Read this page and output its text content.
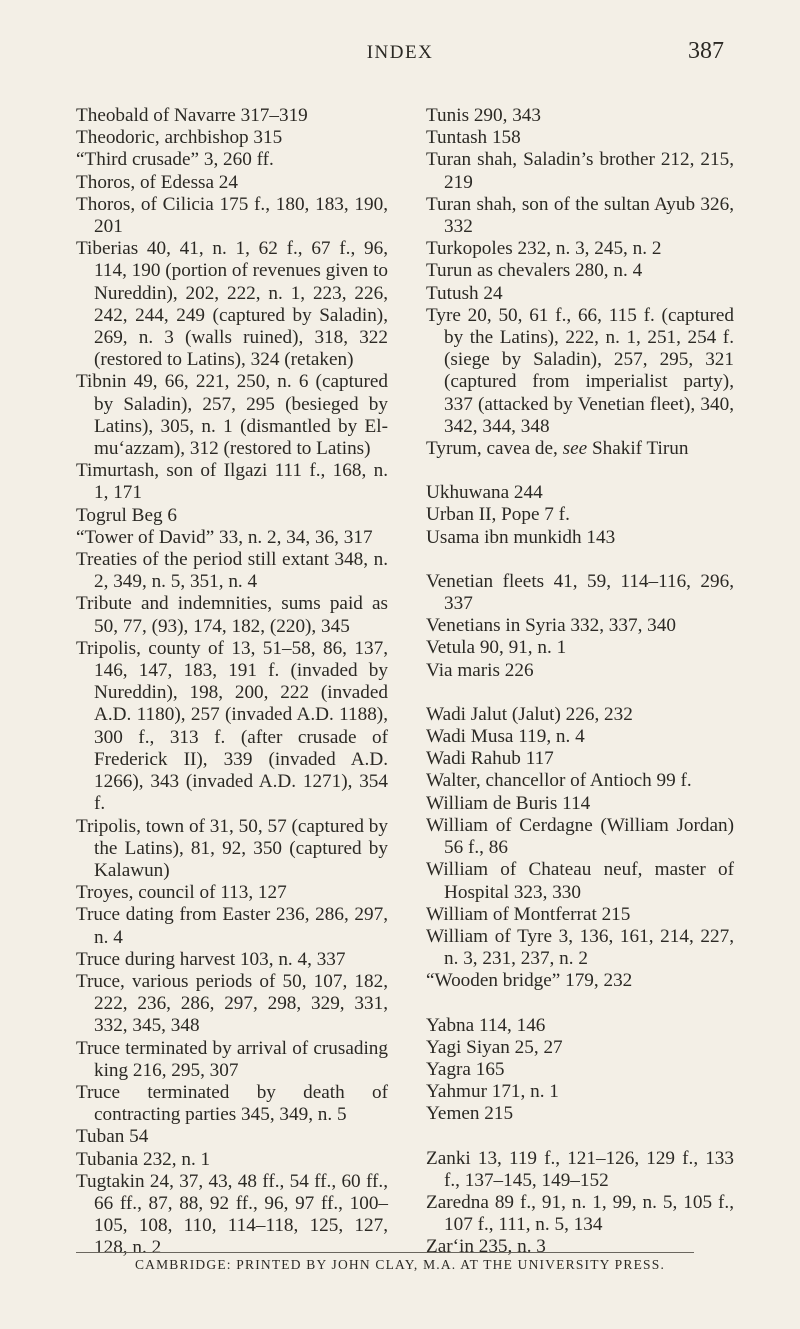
INDEX	387

Theobald of Navarre 317–319

Theodoric, archbishop 315

“Third crusade” 3, 260 ff.

Thoros, of Edessa 24

Thoros, of Cilicia 175 f., 180, 183, 190, 201

Tiberias 40, 41, n. 1, 62 f., 67 f., 96, 114, 190 (portion of revenues given to Nureddin), 202, 222, n. 1, 223, 226, 242, 244, 249 (captured by Saladin), 269, n. 3 (walls ruined), 318, 322 (restored to Latins), 324 (retaken)

Tibnin 49, 66, 221, 250, n. 6 (captured by Saladin), 257, 295 (besieged by Latins), 305, n. 1 (dismantled by El-mu‘azzam), 312 (restored to Latins)

Timurtash, son of Ilgazi 111 f., 168, n. 1, 171

Togrul Beg 6

“Tower of David” 33, n. 2, 34, 36, 317

Treaties of the period still extant 348, n. 2, 349, n. 5, 351, n. 4

Tribute and indemnities, sums paid as 50, 77, (93), 174, 182, (220), 345

Tripolis, county of 13, 51–58, 86, 137, 146, 147, 183, 191 f. (invaded by Nureddin), 198, 200, 222 (invaded A.D. 1180), 257 (invaded A.D. 1188), 300 f., 313 f. (after crusade of Frederick II), 339 (invaded A.D. 1266), 343 (invaded A.D. 1271), 354 f.

Tripolis, town of 31, 50, 57 (captured by the Latins), 81, 92, 350 (captured by Kalawun)

Troyes, council of 113, 127

Truce dating from Easter 236, 286, 297, n. 4

Truce during harvest 103, n. 4, 337

Truce, various periods of 50, 107, 182, 222, 236, 286, 297, 298, 329, 331, 332, 345, 348

Truce terminated by arrival of crusading king 216, 295, 307

Truce terminated by death of contracting parties 345, 349, n. 5

Tuban 54

Tubania 232, n. 1

Tugtakin 24, 37, 43, 48 ff., 54 ff., 60 ff., 66 ff., 87, 88, 92 ff., 96, 97 ff., 100–105, 108, 110, 114–118, 125, 127, 128, n. 2

Tunis 290, 343

Tuntash 158

Turan shah, Saladin’s brother 212, 215, 219

Turan shah, son of the sultan Ayub 326, 332

Turkopoles 232, n. 3, 245, n. 2

Turun as chevalers 280, n. 4

Tutush 24

Tyre 20, 50, 61 f., 66, 115 f. (captured by the Latins), 222, n. 1, 251, 254 f. (siege by Saladin), 257, 295, 321 (captured from imperialist party), 337 (attacked by Venetian fleet), 340, 342, 344, 348

Tyrum, cavea de, see Shakif Tirun

Ukhuwana 244

Urban II, Pope 7 f.

Usama ibn munkidh 143

Venetian fleets 41, 59, 114–116, 296, 337

Venetians in Syria 332, 337, 340

Vetula 90, 91, n. 1

Via maris 226

Wadi Jalut (Jalut) 226, 232

Wadi Musa 119, n. 4

Wadi Rahub 117

Walter, chancellor of Antioch 99 f.

William de Buris 114

William of Cerdagne (William Jordan) 56 f., 86

William of Chateau neuf, master of Hospital 323, 330

William of Montferrat 215

William of Tyre 3, 136, 161, 214, 227, n. 3, 231, 237, n. 2

“Wooden bridge” 179, 232

Yabna 114, 146

Yagi Siyan 25, 27

Yagra 165

Yahmur 171, n. 1

Yemen 215

Zanki 13, 119 f., 121–126, 129 f., 133 f., 137–145, 149–152

Zaredna 89 f., 91, n. 1, 99, n. 5, 105 f., 107 f., 111, n. 5, 134

Zar‘in 235, n. 3

CAMBRIDGE: PRINTED BY JOHN CLAY, M.A. AT THE UNIVERSITY PRESS.
